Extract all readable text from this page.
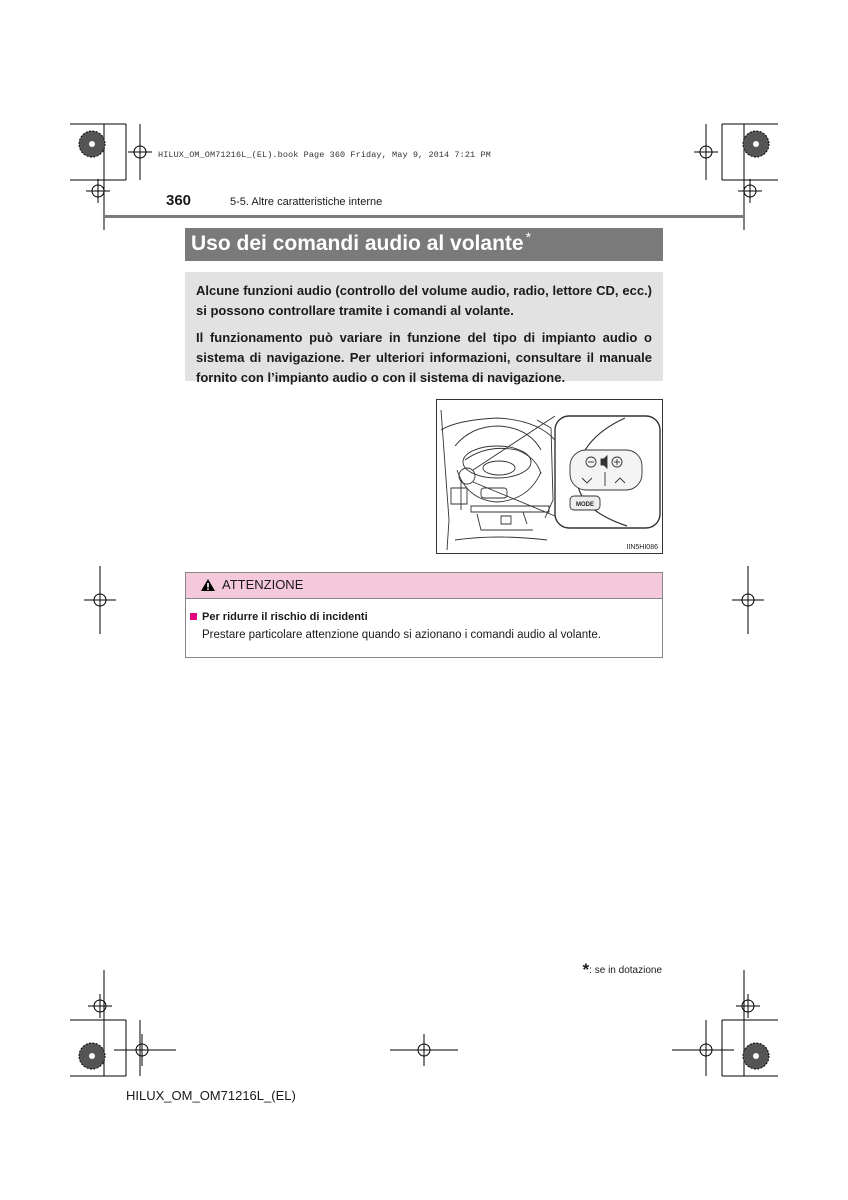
HILUX_OM_OM71216L_(EL).book Page 360 Friday, May 9, 2014 7:21 PM
360	5-5. Altre caratteristiche interne
Uso dei comandi audio al volante *

Alcune funzioni audio (controllo del volume audio, radio, lettore CD, ecc.) si possono controllare tramite i comandi al volante.

Il funzionamento può variare in funzione del tipo di impianto audio o sistema di navigazione. Per ulteriori informazioni, consultare il manuale fornito con l’impianto audio o con il sistema di navigazione.

MODE
IIN5HI086
ATTENZIONE
Per ridurre il rischio di incidenti
Prestare particolare attenzione quando si azionano i comandi audio al volante.
*: se in dotazione
HILUX_OM_OM71216L_(EL)
